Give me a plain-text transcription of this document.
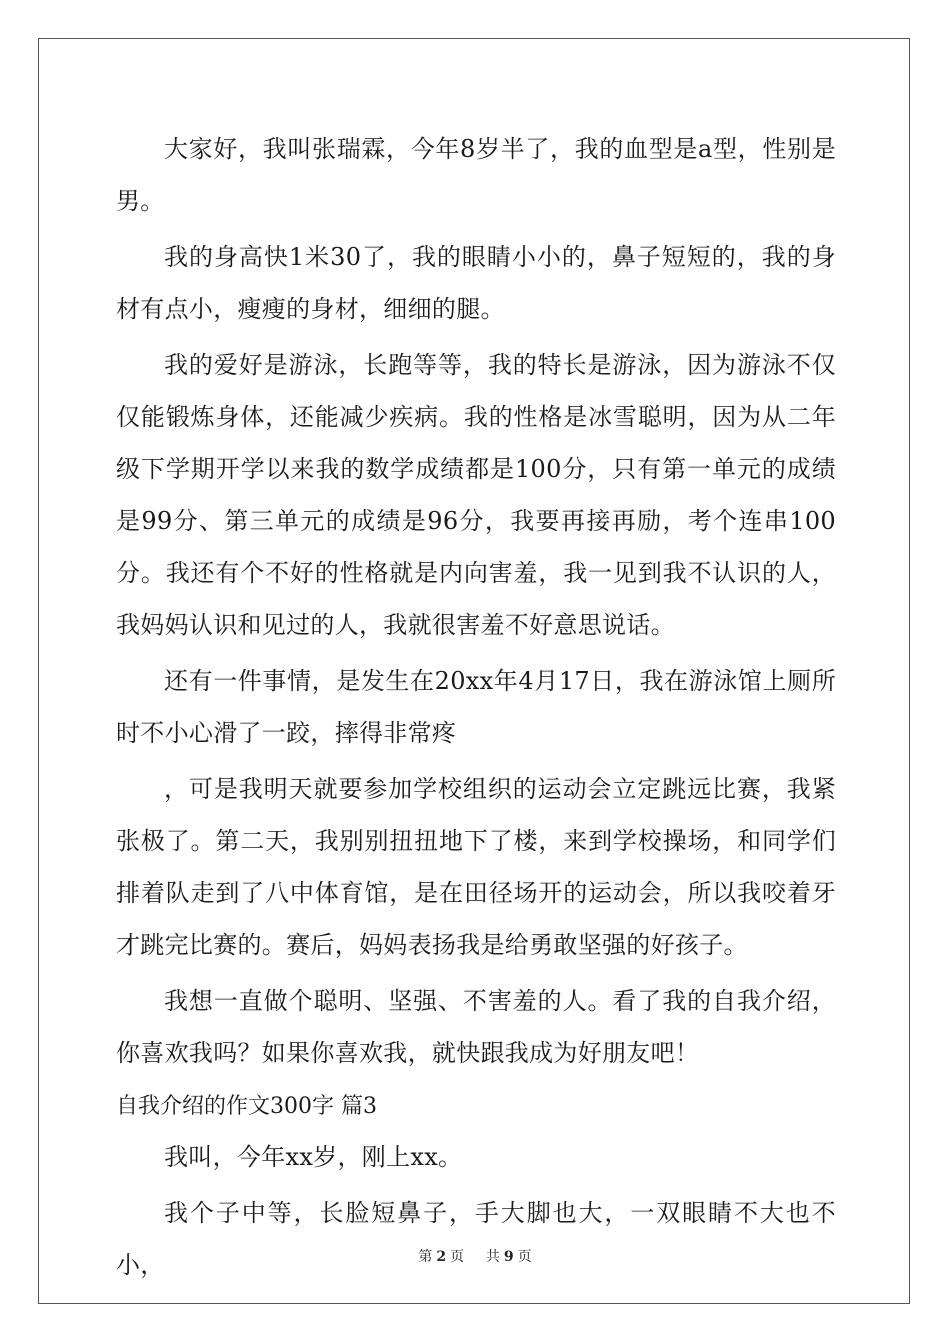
大家好，我叫张瑞霖，今年8岁半了，我的血型是a型，性别是男。

我的身高快1米30了，我的眼睛小小的，鼻子短短的，我的身材有点小，瘦瘦的身材，细细的腿。

我的爱好是游泳，长跑等等，我的特长是游泳，因为游泳不仅仅能锻炼身体，还能减少疾病。我的性格是冰雪聪明，因为从二年级下学期开学以来我的数学成绩都是100分，只有第一单元的成绩是99分、第三单元的成绩是96分，我要再接再励，考个连串100分。我还有个不好的性格就是内向害羞，我一见到我不认识的人，我妈妈认识和见过的人，我就很害羞不好意思说话。

还有一件事情，是发生在20xx年4月17日，我在游泳馆上厕所时不小心滑了一跤，摔得非常疼

，可是我明天就要参加学校组织的运动会立定跳远比赛，我紧张极了。第二天，我别别扭扭地下了楼，来到学校操场，和同学们排着队走到了八中体育馆，是在田径场开的运动会，所以我咬着牙才跳完比赛的。赛后，妈妈表扬我是给勇敢坚强的好孩子。

我想一直做个聪明、坚强、不害羞的人。看了我的自我介绍，你喜欢我吗？如果你喜欢我，就快跟我成为好朋友吧！

自我介绍的作文300字 篇3

我叫，今年xx岁，刚上xx。

我个子中等，长脸短鼻子，手大脚也大，一双眼睛不大也不小，	第 2 页 共 9 页
